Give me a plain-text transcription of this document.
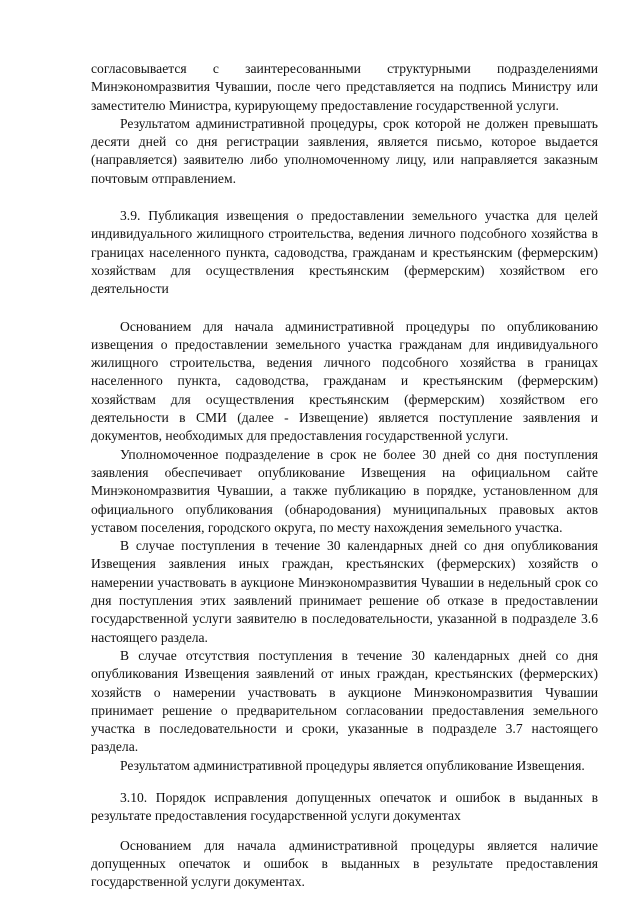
согласовывается с заинтересованными структурными подразделениями Минэкономразвития Чувашии, после чего представляется на подпись Министру или заместителю Министра, курирующему предоставление государственной услуги.

Результатом административной процедуры, срок которой не должен превышать десяти дней со дня регистрации заявления, является письмо, которое выдается (направляется) заявителю либо уполномоченному лицу, или направляется заказным почтовым отправлением.

3.9. Публикация извещения о предоставлении земельного участка для целей индивидуального жилищного строительства, ведения личного подсобного хозяйства в границах населенного пункта, садоводства, гражданам и крестьянским (фермерским) хозяйствам для осуществления крестьянским (фермерским) хозяйством его деятельности

Основанием для начала административной процедуры по опубликованию извещения о предоставлении земельного участка гражданам для индивидуального жилищного строительства, ведения личного подсобного хозяйства в границах населенного пункта, садоводства, гражданам и крестьянским (фермерским) хозяйствам для осуществления крестьянским (фермерским) хозяйством его деятельности в СМИ (далее - Извещение) является поступление заявления и документов, необходимых для предоставления государственной услуги.

Уполномоченное подразделение в срок не более 30 дней со дня поступления заявления обеспечивает опубликование Извещения на официальном сайте Минэкономразвития Чувашии, а также публикацию в порядке, установленном для официального опубликования (обнародования) муниципальных правовых актов уставом поселения, городского округа, по месту нахождения земельного участка.

В случае поступления в течение 30 календарных дней со дня опубликования Извещения заявления иных граждан, крестьянских (фермерских) хозяйств о намерении участвовать в аукционе Минэкономразвития Чувашии в недельный срок со дня поступления этих заявлений принимает решение об отказе в предоставлении государственной услуги заявителю в последовательности, указанной в подразделе 3.6 настоящего раздела.

В случае отсутствия поступления в течение 30 календарных дней со дня опубликования Извещения заявлений от иных граждан, крестьянских (фермерских) хозяйств о намерении участвовать в аукционе Минэкономразвития Чувашии принимает решение о предварительном согласовании предоставления земельного участка в последовательности и сроки, указанные в подразделе 3.7 настоящего раздела.

Результатом административной процедуры является опубликование Извещения.

3.10. Порядок исправления допущенных опечаток и ошибок в выданных в результате предоставления государственной услуги документах

Основанием для начала административной процедуры является наличие допущенных опечаток и ошибок в выданных в результате предоставления государственной услуги документах.
